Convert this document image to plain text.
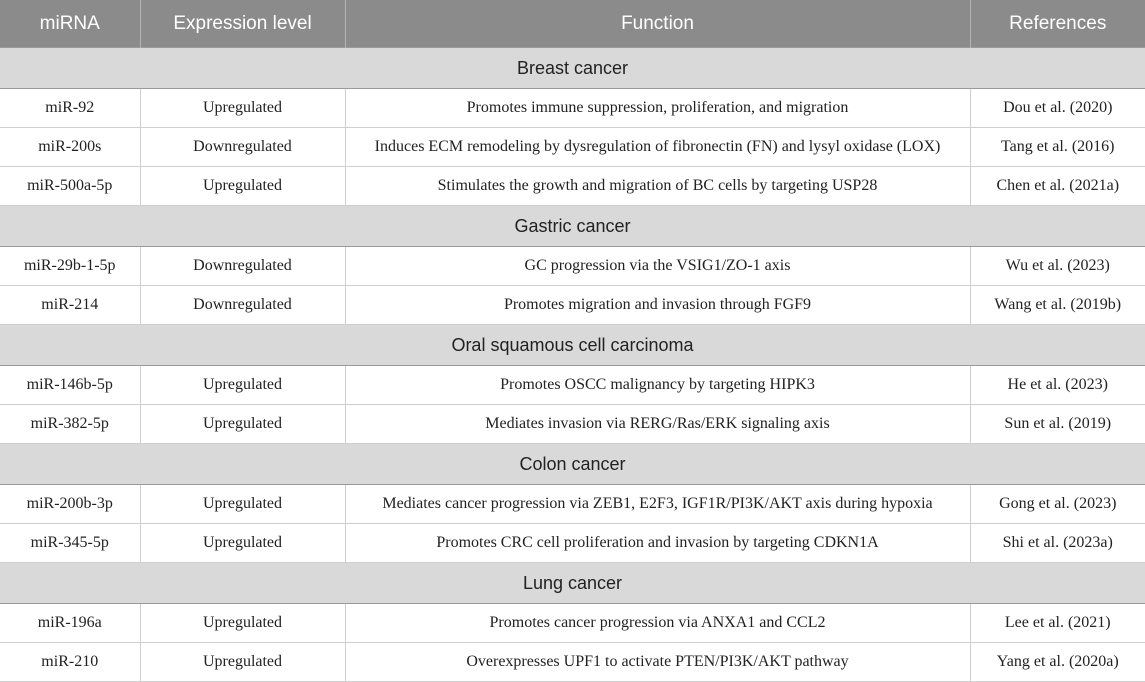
miRNA	Expression level	Function	References
Breast cancer			
miR-92	Upregulated	Promotes immune suppression, proliferation, and migration	Dou et al. (2020)
miR-200s	Downregulated	Induces ECM remodeling by dysregulation of fibronectin (FN) and lysyl oxidase (LOX)	Tang et al. (2016)
miR-500a-5p	Upregulated	Stimulates the growth and migration of BC cells by targeting USP28	Chen et al. (2021a)
Gastric cancer			
miR-29b-1-5p	Downregulated	GC progression via the VSIG1/ZO-1 axis	Wu et al. (2023)
miR-214	Downregulated	Promotes migration and invasion through FGF9	Wang et al. (2019b)
Oral squamous cell carcinoma			
miR-146b-5p	Upregulated	Promotes OSCC malignancy by targeting HIPK3	He et al. (2023)
miR-382-5p	Upregulated	Mediates invasion via RERG/Ras/ERK signaling axis	Sun et al. (2019)
Colon cancer			
miR-200b-3p	Upregulated	Mediates cancer progression via ZEB1, E2F3, IGF1R/PI3K/AKT axis during hypoxia	Gong et al. (2023)
miR-345-5p	Upregulated	Promotes CRC cell proliferation and invasion by targeting CDKN1A	Shi et al. (2023a)
Lung cancer			
miR-196a	Upregulated	Promotes cancer progression via ANXA1 and CCL2	Lee et al. (2021)
miR-210	Upregulated	Overexpresses UPF1 to activate PTEN/PI3K/AKT pathway	Yang et al. (2020a)
